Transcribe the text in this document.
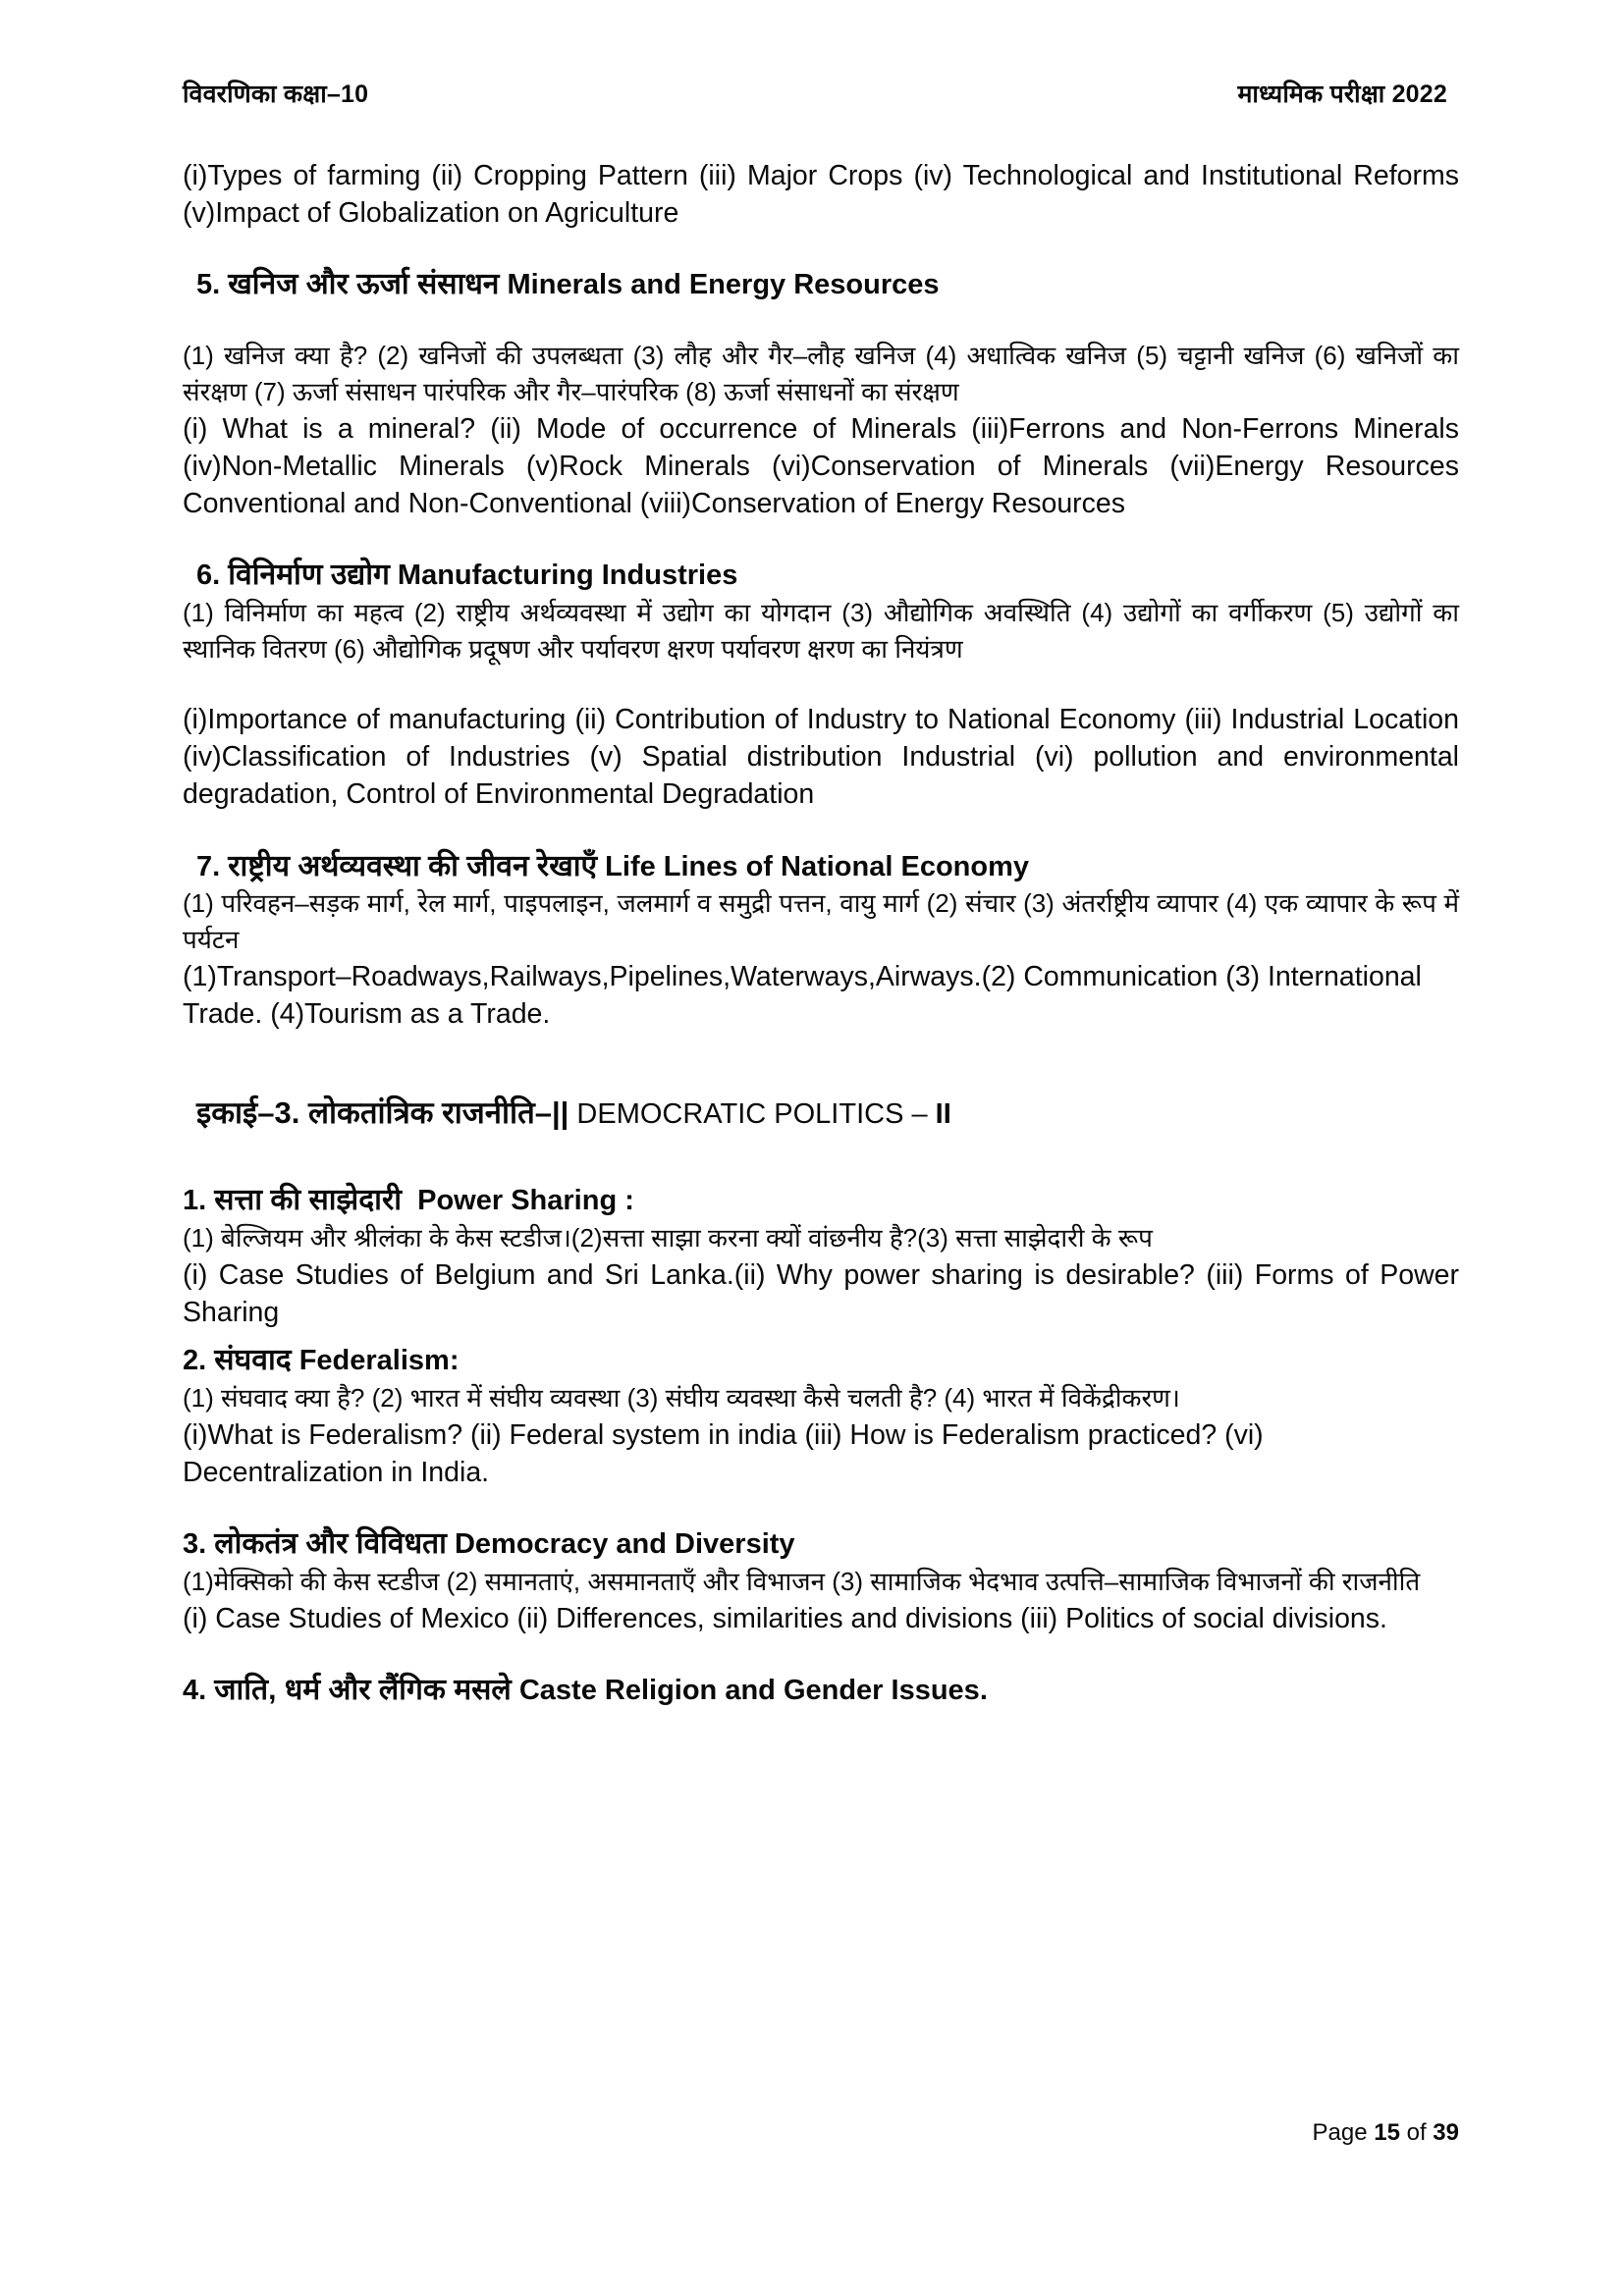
विवरणिका कक्षा–10	माध्यमिक परीक्षा 2022

(i)Types of farming (ii) Cropping Pattern (iii) Major Crops (iv) Technological and Institutional Reforms (v)Impact of Globalization on Agriculture

5. खनिज और ऊर्जा संसाधन Minerals and Energy Resources

(1) खनिज क्या है? (2) खनिजों की उपलब्धता (3) लौह और गैर–लौह खनिज (4) अधात्विक खनिज (5) चट्टानी खनिज (6) खनिजों का संरक्षण (7) ऊर्जा संसाधन पारंपरिक और गैर–पारंपरिक (8) ऊर्जा संसाधनों का संरक्षण

(i) What is a mineral? (ii) Mode of occurrence of Minerals (iii)Ferrons and Non-Ferrons Minerals (iv)Non-Metallic Minerals (v)Rock Minerals (vi)Conservation of Minerals (vii)Energy Resources Conventional and Non-Conventional (viii)Conservation of Energy Resources

6. विनिर्माण उद्योग Manufacturing Industries

(1) विनिर्माण का महत्व (2) राष्ट्रीय अर्थव्यवस्था में उद्योग का योगदान (3) औद्योगिक अवस्थिति (4) उद्योगों का वर्गीकरण (5) उद्योगों का स्थानिक वितरण (6) औद्योगिक प्रदूषण और पर्यावरण क्षरण पर्यावरण क्षरण का नियंत्रण

(i)Importance of manufacturing (ii) Contribution of Industry to National Economy (iii) Industrial Location (iv)Classification of Industries (v) Spatial distribution Industrial (vi) pollution and environmental degradation, Control of Environmental Degradation

7. राष्ट्रीय अर्थव्यवस्था की जीवन रेखाएँ Life Lines of National Economy

(1) परिवहन–सड़क मार्ग, रेल मार्ग, पाइपलाइन, जलमार्ग व समुद्री पत्तन, वायु मार्ग (2) संचार (3) अंतर्राष्ट्रीय व्यापार (4) एक व्यापार के रूप में पर्यटन

(1)Transport–Roadways,Railways,Pipelines,Waterways,Airways.(2) Communication (3) International Trade. (4)Tourism as a Trade.

इकाई–3. लोकतांत्रिक राजनीति–|| DEMOCRATIC POLITICS – II
1. सत्ता की साझेदारी Power Sharing :

(1) बेल्जियम और श्रीलंका के केस स्टडीज।(2)सत्ता साझा करना क्यों वांछनीय है?(3) सत्ता साझेदारी के रूप

(i) Case Studies of Belgium and Sri Lanka.(ii) Why power sharing is desirable? (iii) Forms of Power Sharing

2. संघवाद Federalism:

(1) संघवाद क्या है? (2) भारत में संघीय व्यवस्था (3) संघीय व्यवस्था कैसे चलती है? (4) भारत में विकेंद्रीकरण।

(i)What is Federalism? (ii) Federal system in india (iii) How is Federalism practiced? (vi) Decentralization in India.

3. लोकतंत्र और विविधता Democracy and Diversity

(1)मेक्सिको की केस स्टडीज (2) समानताएं, असमानताएँ और विभाजन (3) सामाजिक भेदभाव उत्पत्ति–सामाजिक विभाजनों की राजनीति

(i) Case Studies of Mexico (ii) Differences, similarities and divisions (iii) Politics of social divisions.

4. जाति, धर्म और लैंगिक मसले Caste Religion and Gender Issues.
Page 15 of 39
